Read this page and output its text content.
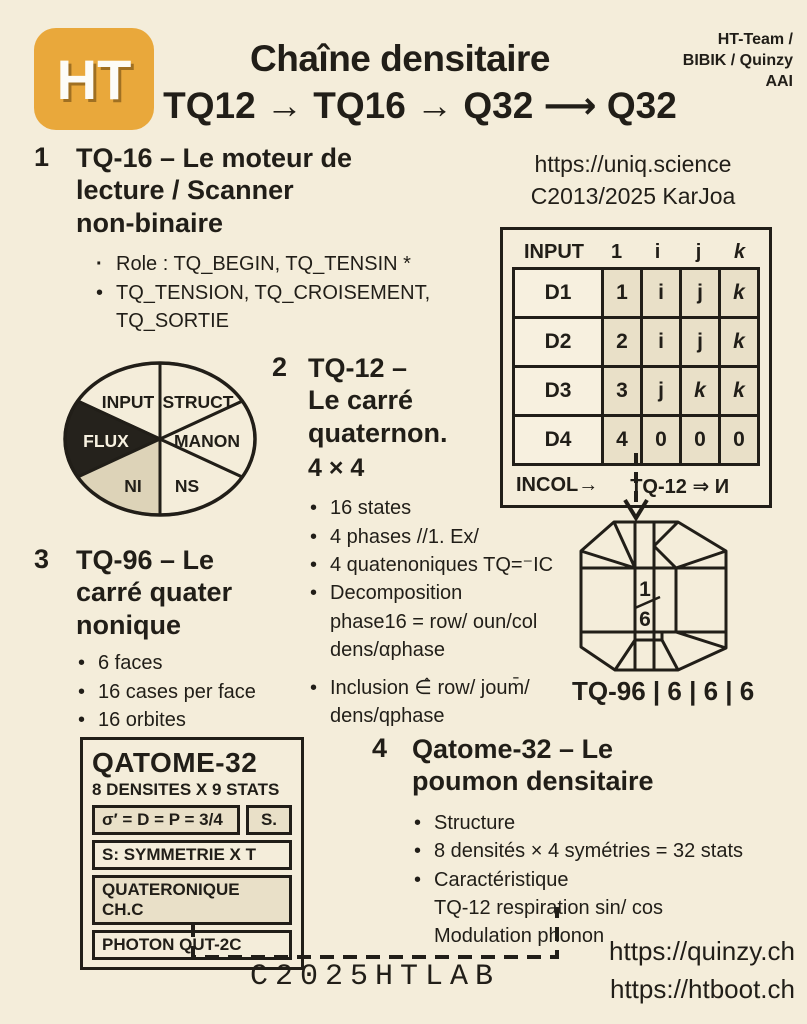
HT	Chaîne densitaire
TQ12 → TQ16 → Q32 ⟶ Q32
HT-Team /
BIBIK / Quinzy
AAI
1 TQ-16 – Le moteur de
lecture / Scanner
non-binaire
· Role : TQ_BEGIN, TQ_TENSIN *
• TQ_TENSION, TQ_CROISEMENT, TQ_SORTIE
https://uniq.science
C2013/2025 KarJoa
INPUT	1	i	j	k
D1	1	i	j	k
D2	2	i	j	k
D3	3	j	k	k
D4	4	0	0	0
INCOL→ TQ-12 ⇒ И
INPUT STRUCT
MANON
NS
NI
FLUX
2 TQ-12 –
Le carré
quaternon.
4 × 4
• 16 states
• 4 phases //1. Ex/
• 4 quatenoniques TQ=⁻IC
• Decomposition
phase16 = row/ oun/col
dens/αphase
• Inclusion ∈̂ row/ joum̄/
dens/qphase
3 TQ-96 – Le
carré quater
nonique
• 6 faces
• 16 cases per face
• 16 orbites
1
6
TQ-96 | 6 | 6 | 6
QATOME-32
8 DENSITES X 9 STATS
σ′ = D = P = 3/4	S.
S: SYMMETRIE X T
QUATERONIQUE CH.C
PHOTON QUT-2C
4 Qatome-32 – Le
poumon densitaire
• Structure
• 8 densités × 4 symétries = 32 stats
• Caractéristique
TQ-12 respiration sin/ cos
Modulation phonon
C2025HTLAB
https://quinzy.ch
https://htboot.ch
